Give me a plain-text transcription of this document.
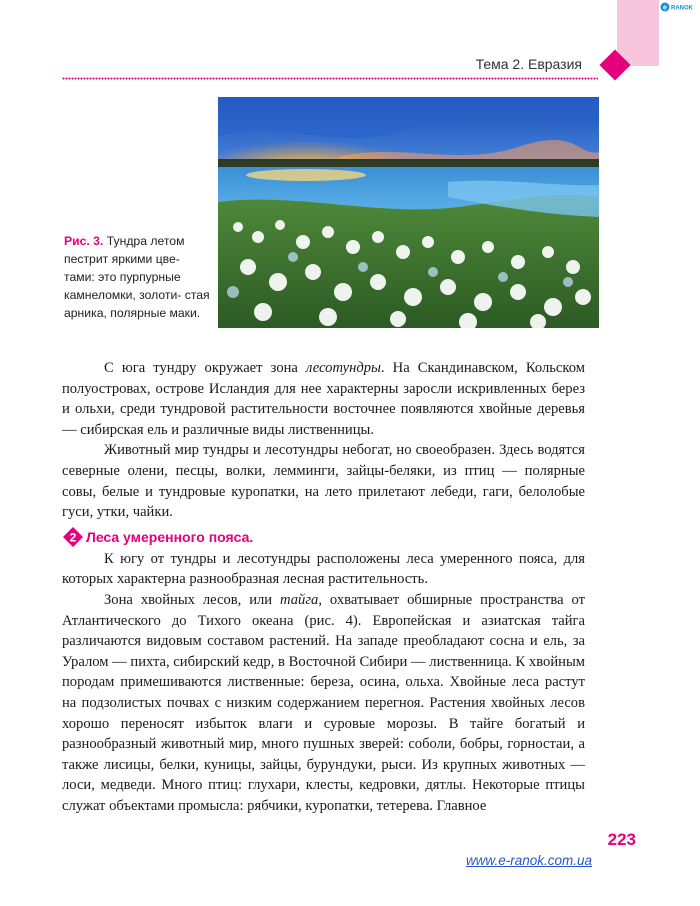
e RANOK
Тема 2. Евразия
Рис. 3. Тундра летом пестрит яркими цве- тами: это пурпурные камнеломки, золоти- стая арника, полярные маки.

С юга тундру окружает зона лесотундры. На Скандинавском, Кольском полуостровах, острове Исландия для нее характерны заросли искривленных берез и ольхи, среди тундровой растительности восточнее появляются хвойные деревья — сибирская ель и различные виды лиственницы.

Животный мир тундры и лесотундры небогат, но своеобразен. Здесь водятся северные олени, песцы, волки, лемминги, зайцы-беляки, из птиц — полярные совы, белые и тундровые куропатки, на лето прилетают лебеди, гаги, белолобые гуси, утки, чайки.

2 Леса умеренного пояса.

К югу от тундры и лесотундры расположены леса умеренного пояса, для которых характерна разнообразная лесная растительность.

Зона хвойных лесов, или тайга, охватывает обширные пространства от Атлантического до Тихого океана (рис. 4). Европейская и азиатская тайга различаются видовым составом растений. На западе преобладают сосна и ель, за Уралом — пихта, сибирский кедр, в Восточной Сибири — лиственница. К хвойным породам примешиваются лиственные: береза, осина, ольха. Хвойные леса растут на подзолистых почвах с низким содержанием перегноя. Растения хвойных лесов хорошо переносят избыток влаги и суровые морозы. В тайге богатый и разнообразный животный мир, много пушных зверей: соболи, бобры, горностаи, а также лисицы, белки, куницы, зайцы, бурундуки, рыси. Из крупных животных — лоси, медведи. Много птиц: глухари, клесты, кедровки, дятлы. Некоторые птицы служат объектами промысла: рябчики, куропатки, тетерева. Главное

223
www.e-ranok.com.ua
